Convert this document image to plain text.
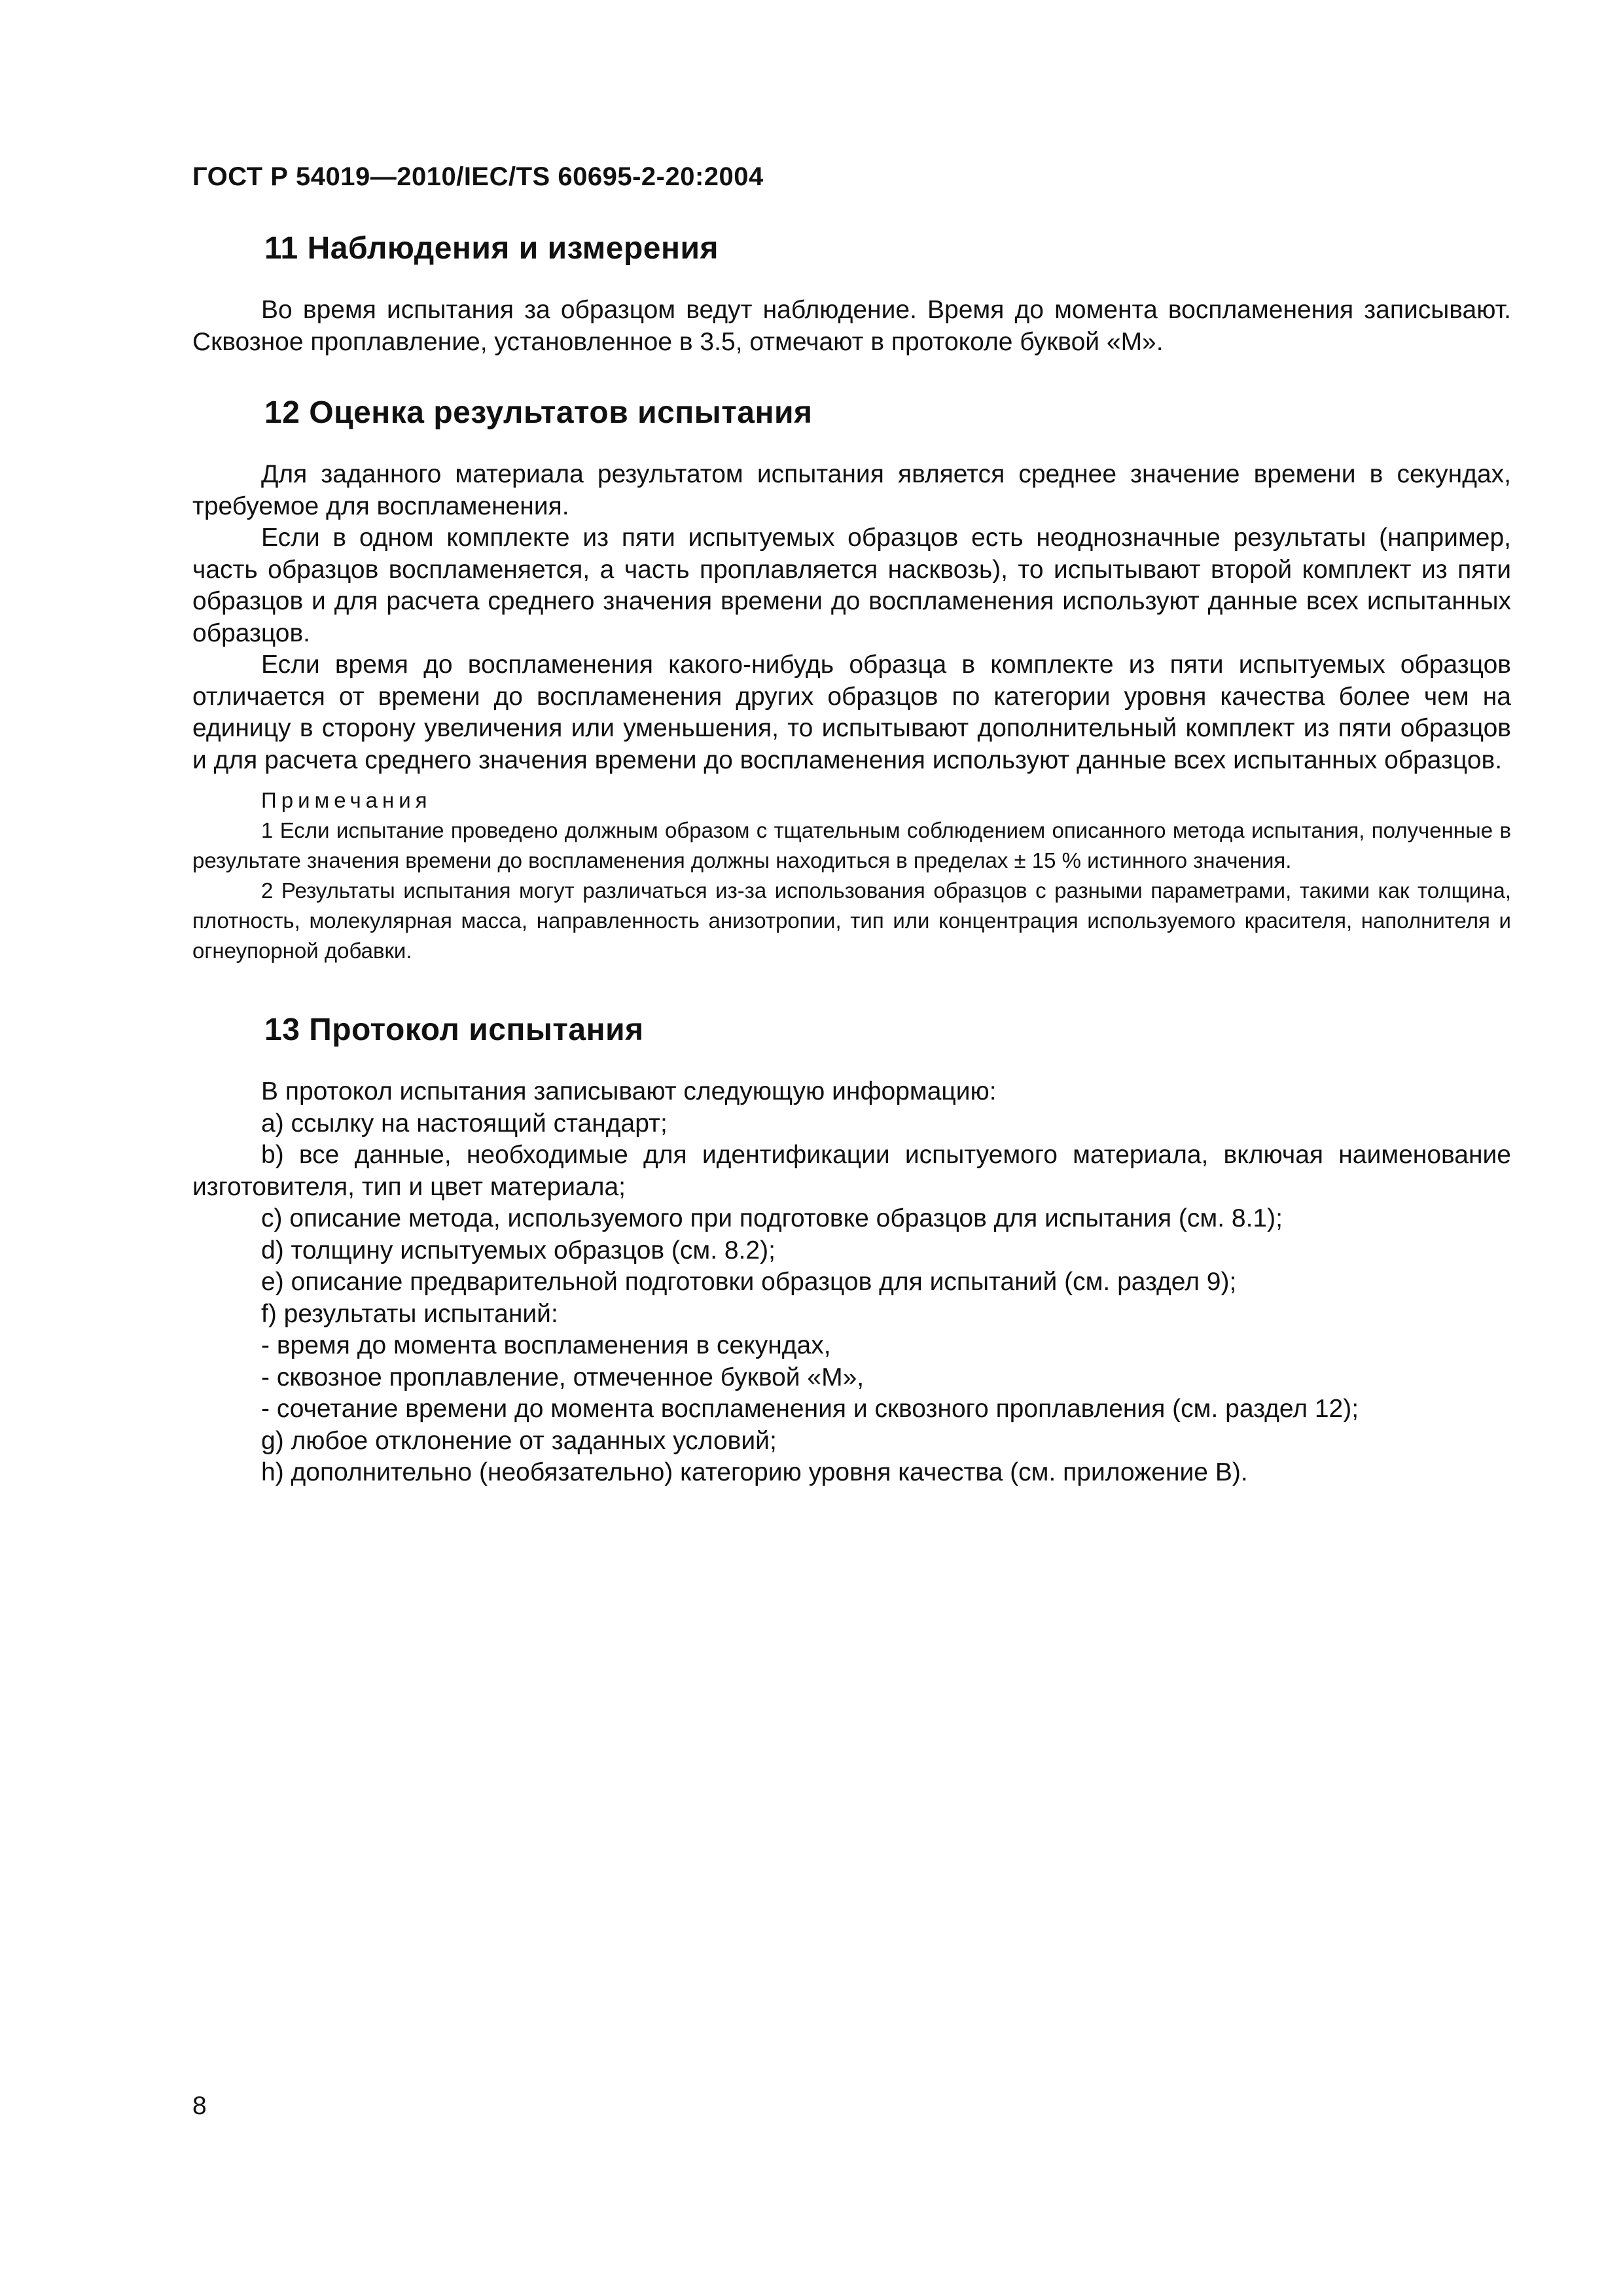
ГОСТ Р 54019—2010/IEC/TS 60695-2-20:2004
11 Наблюдения и измерения

Во время испытания за образцом ведут наблюдение. Время до момента воспламенения записывают. Сквозное проплавление, установленное в 3.5, отмечают в протоколе буквой «М».

12 Оценка результатов испытания

Для заданного материала результатом испытания является среднее значение времени в секундах, требуемое для воспламенения.

Если в одном комплекте из пяти испытуемых образцов есть неоднозначные результаты (например, часть образцов воспламеняется, а часть проплавляется насквозь), то испытывают второй комплект из пяти образцов и для расчета среднего значения времени до воспламенения используют данные всех испытанных образцов.

Если время до воспламенения какого-нибудь образца в комплекте из пяти испытуемых образцов отличается от времени до воспламенения других образцов по категории уровня качества более чем на единицу в сторону увеличения или уменьшения, то испытывают дополнительный комплект из пяти образцов и для расчета среднего значения времени до воспламенения используют данные всех испытанных образцов.

Примечания

1 Если испытание проведено должным образом с тщательным соблюдением описанного метода испытания, полученные в результате значения времени до воспламенения должны находиться в пределах ± 15 % истинного значения.

2 Результаты испытания могут различаться из-за использования образцов с разными параметрами, такими как толщина, плотность, молекулярная масса, направленность анизотропии, тип или концентрация используемого красителя, наполнителя и огнеупорной добавки.

13 Протокол испытания

В протокол испытания записывают следующую информацию:

а) ссылку на настоящий стандарт;

b) все данные, необходимые для идентификации испытуемого материала, включая наименование изготовителя, тип и цвет материала;

c) описание метода, используемого при подготовке образцов для испытания (см. 8.1);

d) толщину испытуемых образцов (см. 8.2);

e) описание предварительной подготовки образцов для испытаний (см. раздел 9);

f) результаты испытаний:

- время до момента воспламенения в секундах,

- сквозное проплавление, отмеченное буквой «М»,

- сочетание времени до момента воспламенения и сквозного проплавления (см. раздел 12);

g) любое отклонение от заданных условий;

h) дополнительно (необязательно) категорию уровня качества (см. приложение В).

8
